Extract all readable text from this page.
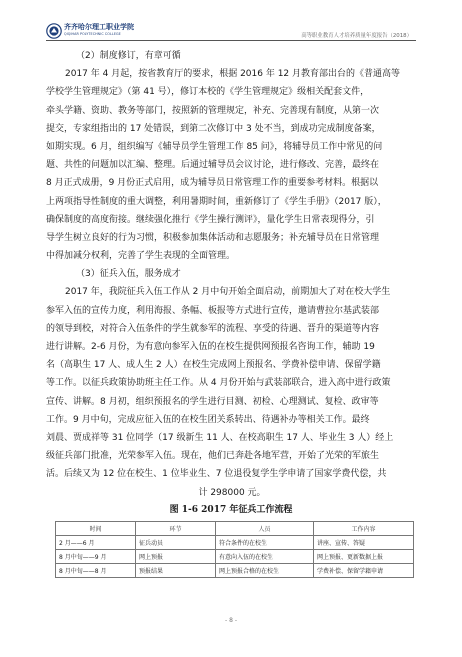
齐齐哈尔理工职业学院
QIQIHAR POLYTECHNIC COLLEGE	高等职业教育人才培养质量年度报告（2018）
（2）制度修订，有章可循
2017 年 4 月起，按省教育厅的要求，根据 2016 年 12 月教育部出台的《普通高等
学校学生管理规定》（第 41 号），修订本校的《学生管理规定》级相关配套文件，
牵头学籍、资助、教务等部门，按照新的管理规定，补充、完善现有制度，从第一次
提交，专家组指出的 17 处错误，到第二次修订中 3 处不当，到成功完成制度备案，
如期实现。6 月，组织编写《辅导员学生管理工作 85 问》，将辅导员工作中常见的问
题、共性的问题加以汇编、整理。后通过辅导员会议讨论，进行修改、完善，最终在
8 月正式成册，9 月份正式启用，成为辅导员日常管理工作的重要参考材料。根据以
上两项指导性制度的重大调整，利用暑期时间，重新修订了《学生手册》（2017 版），
确保制度的高度衔接。继续强化推行《学生操行测评》，量化学生日常表现得分，引
导学生树立良好的行为习惯，积极参加集体活动和志愿服务；补充辅导员在日常管理
中得加减分权利，完善了学生表现的全面管理。
（3）征兵入伍，服务成才
2017 年，我院征兵入伍工作从 2 月中旬开始全面启动，前期加大了对在校大学生
参军入伍的宣传力度，利用海报、条幅、板报等方式进行宣传，邀请曹拉尔基武装部
的领导到校，对符合入伍条件的学生就参军的流程、享受的待遇、晋升的渠道等内容
进行讲解。2-6 月份，为有意向参军入伍的在校生提供网预报名咨询工作，辅助 19
名（高职生 17 人、成人生 2 人）在校生完成网上预报名、学费补偿申请、保留学籍
等工作。以征兵政策协助班主任工作。从 4 月份开始与武装部联合，进入高中进行政策
宣传、讲解。8 月初，组织预报名的学生进行目测、初检、心理测试、复检、政审等
工作。9 月中旬，完成应征入伍的在校生团关系转出、待遇补办等相关工作。最终
刘晨、贾成祥等 31 位同学（17 级新生 11 人、在校高职生 17 人、毕业生 3 人）经上
级征兵部门批准，光荣参军入伍。现在，他们已奔赴各地军营，开始了光荣的军旅生
活。后续又为 12 位在校生、1 位毕业生、7 位退役复学生学申请了国家学费代偿，共
计 298000 元。
图 1-6 2017 年征兵工作流程
时间	环节	人员	工作内容
2 月——6 月	征兵动员	符合条件的在校生	讲座、宣传、答疑
8 月中旬——9 月	网上预报	有意向入伍的在校生	网上预报、更新数据上报
8 月中旬——8 月	预报结果	网上预报合格的在校生	学费补偿、保留学籍申请
- 8 -
